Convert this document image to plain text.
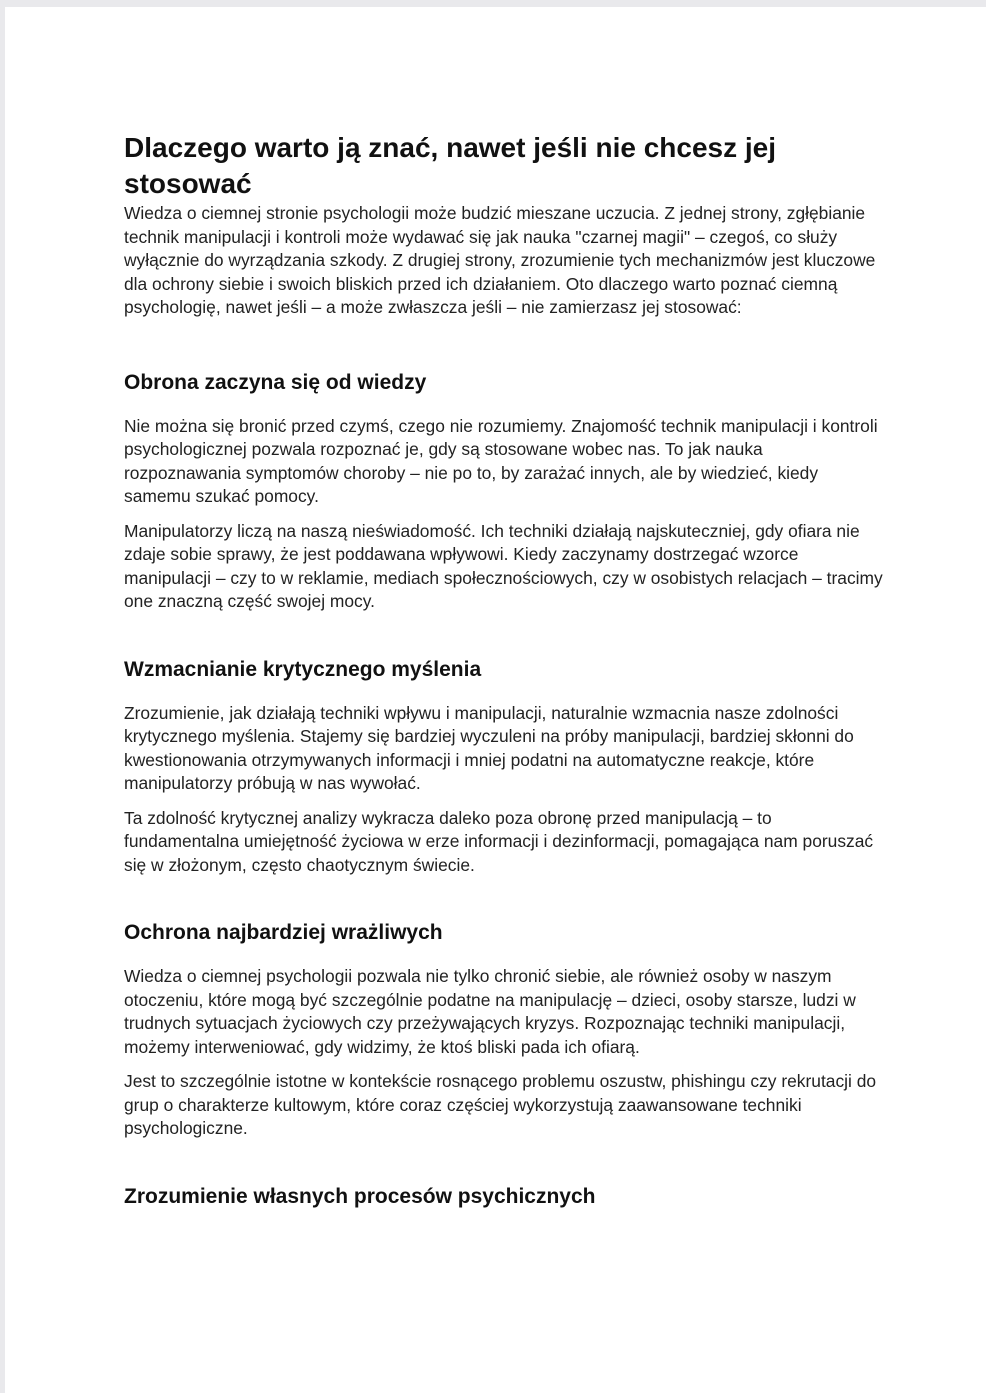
Dlaczego warto ją znać, nawet jeśli nie chcesz jej stosować

Wiedza o ciemnej stronie psychologii może budzić mieszane uczucia. Z jednej strony, zgłębianie technik manipulacji i kontroli może wydawać się jak nauka "czarnej magii" – czegoś, co służy wyłącznie do wyrządzania szkody. Z drugiej strony, zrozumienie tych mechanizmów jest kluczowe dla ochrony siebie i swoich bliskich przed ich działaniem. Oto dlaczego warto poznać ciemną psychologię, nawet jeśli – a może zwłaszcza jeśli – nie zamierzasz jej stosować:

Obrona zaczyna się od wiedzy

Nie można się bronić przed czymś, czego nie rozumiemy. Znajomość technik manipulacji i kontroli psychologicznej pozwala rozpoznać je, gdy są stosowane wobec nas. To jak nauka rozpoznawania symptomów choroby – nie po to, by zarażać innych, ale by wiedzieć, kiedy samemu szukać pomocy.

Manipulatorzy liczą na naszą nieświadomość. Ich techniki działają najskuteczniej, gdy ofiara nie zdaje sobie sprawy, że jest poddawana wpływowi. Kiedy zaczynamy dostrzegać wzorce manipulacji – czy to w reklamie, mediach społecznościowych, czy w osobistych relacjach – tracimy one znaczną część swojej mocy.

Wzmacnianie krytycznego myślenia

Zrozumienie, jak działają techniki wpływu i manipulacji, naturalnie wzmacnia nasze zdolności krytycznego myślenia. Stajemy się bardziej wyczuleni na próby manipulacji, bardziej skłonni do kwestionowania otrzymywanych informacji i mniej podatni na automatyczne reakcje, które manipulatorzy próbują w nas wywołać.

Ta zdolność krytycznej analizy wykracza daleko poza obronę przed manipulacją – to fundamentalna umiejętność życiowa w erze informacji i dezinformacji, pomagająca nam poruszać się w złożonym, często chaotycznym świecie.

Ochrona najbardziej wrażliwych

Wiedza o ciemnej psychologii pozwala nie tylko chronić siebie, ale również osoby w naszym otoczeniu, które mogą być szczególnie podatne na manipulację – dzieci, osoby starsze, ludzi w trudnych sytuacjach życiowych czy przeżywających kryzys. Rozpoznając techniki manipulacji, możemy interweniować, gdy widzimy, że ktoś bliski pada ich ofiarą.

Jest to szczególnie istotne w kontekście rosnącego problemu oszustw, phishingu czy rekrutacji do grup o charakterze kultowym, które coraz częściej wykorzystują zaawansowane techniki psychologiczne.

Zrozumienie własnych procesów psychicznych
